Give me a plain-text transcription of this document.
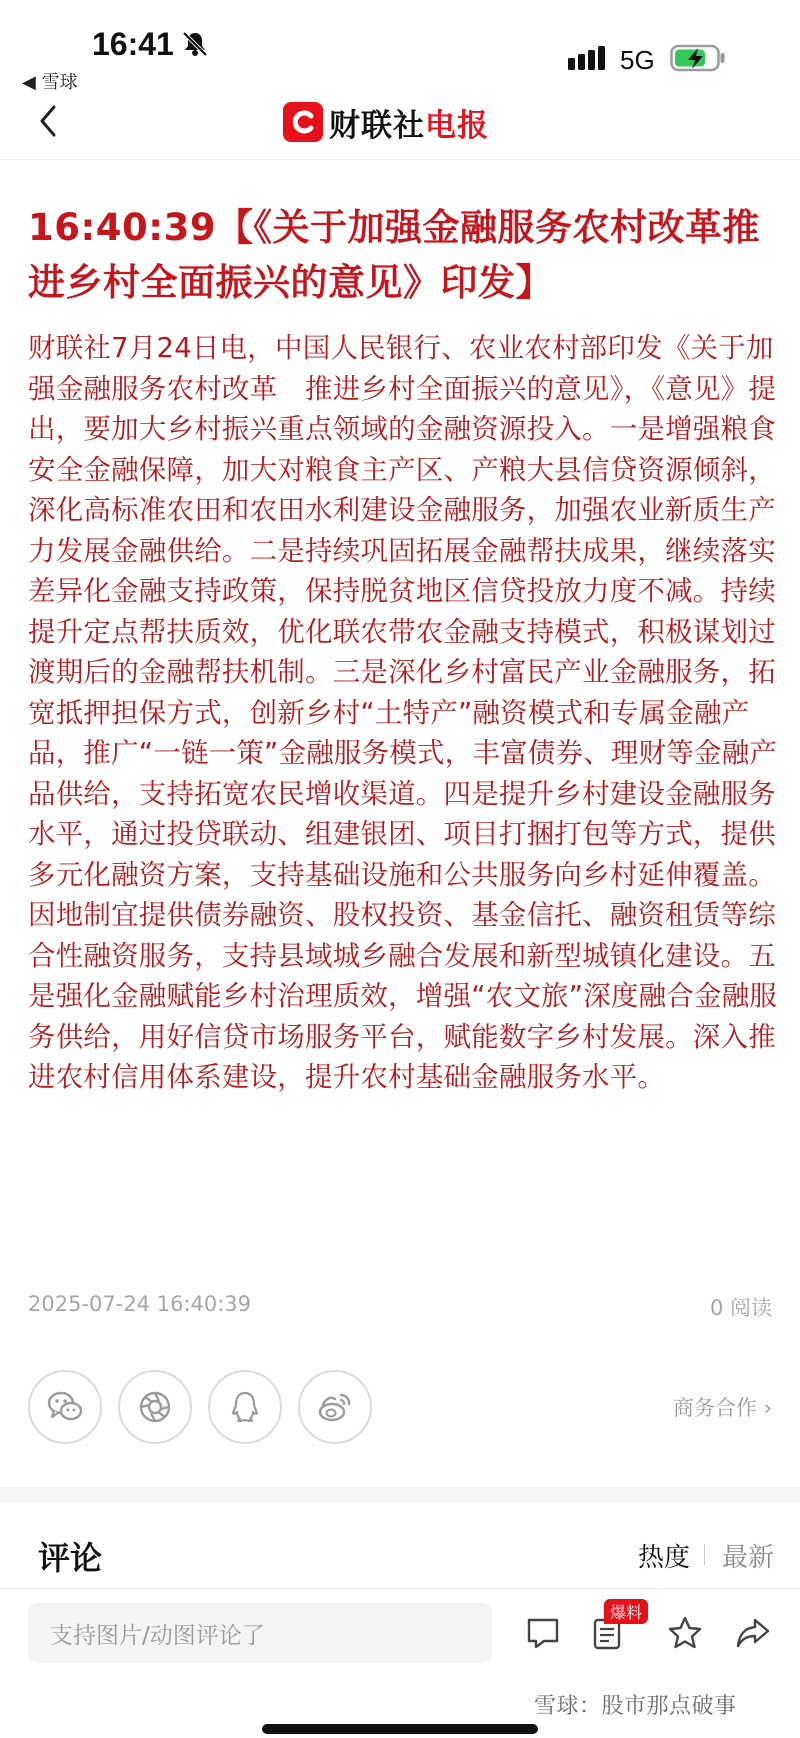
16:41
◀ 雪球
5G
财联社 电报
16:40:39【《关于加强金融服务农村改革推进乡村全面振兴的意见》印发】
财联社7月24日电，中国人民银行、农业农村部印发《关于加强金融服务农村改革　推进乡村全面振兴的意见》，《意见》提出，要加大乡村振兴重点领域的金融资源投入。一是增强粮食安全金融保障，加大对粮食主产区、产粮大县信贷资源倾斜，深化高标准农田和农田水利建设金融服务，加强农业新质生产力发展金融供给。二是持续巩固拓展金融帮扶成果，继续落实差异化金融支持政策，保持脱贫地区信贷投放力度不减。持续提升定点帮扶质效，优化联农带农金融支持模式，积极谋划过渡期后的金融帮扶机制。三是深化乡村富民产业金融服务，拓宽抵押担保方式，创新乡村“土特产”融资模式和专属金融产品，推广“一链一策”金融服务模式，丰富债券、理财等金融产品供给，支持拓宽农民增收渠道。四是提升乡村建设金融服务水平，通过投贷联动、组建银团、项目打捆打包等方式，提供多元化融资方案，支持基础设施和公共服务向乡村延伸覆盖。因地制宜提供债券融资、股权投资、基金信托、融资租赁等综合性融资服务，支持县域城乡融合发展和新型城镇化建设。五是强化金融赋能乡村治理质效，增强“农文旅”深度融合金融服务供给，用好信贷市场服务平台，赋能数字乡村发展。深入推进农村信用体系建设，提升农村基础金融服务水平。
2025-07-24 16:40:39	0 阅读
商务合作 ›
评论	热度 最新
支持图片/动图评论了
爆料
雪球：股市那点破事
